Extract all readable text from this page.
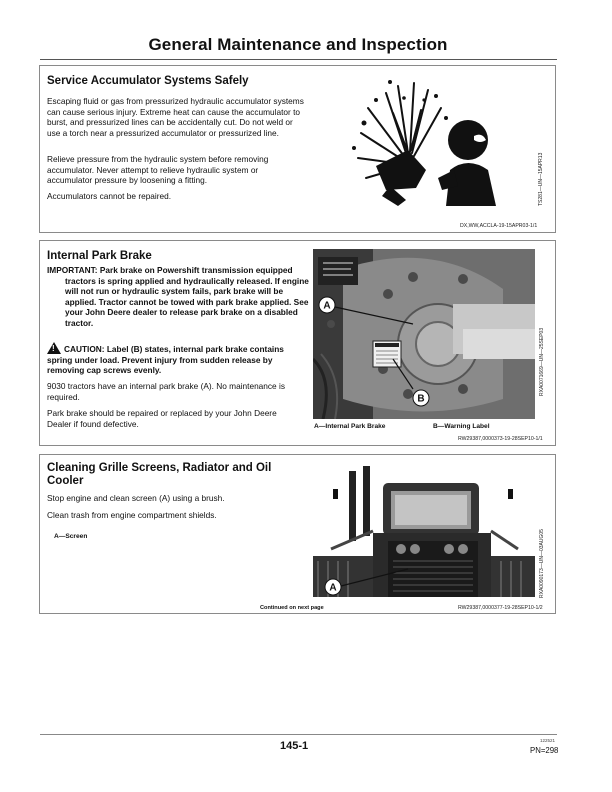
General Maintenance and Inspection
Service Accumulator Systems Safely

Escaping fluid or gas from pressurized hydraulic accumulator systems can cause serious injury. Extreme heat can cause the accumulator to burst, and pressurized lines can be accidentally cut. Do not weld or use a torch near a pressurized accumulator or pressurized line.

Relieve pressure from the hydraulic system before removing accumulator. Never attempt to relieve hydraulic system or accumulator pressure by loosening a fitting.

Accumulators cannot be repaired.	TS281—UN—15APR13
DX,WW,ACCLA-19-15APR03-1/1
Internal Park Brake

IMPORTANT: Park brake on Powershift transmission equipped tractors is spring applied and hydraulically released. If engine will not run or hydraulic system fails, park brake will be applied. Tractor cannot be towed with park brake applied. See your John Deere dealer to release park brake on a disabled tractor.

!CAUTION: Label (B) states, internal park brake contains spring under load. Prevent injury from sudden release by removing cap screws evenly.

9030 tractors have an internal park brake (A). No maintenance is required.

Park brake should be repaired or replaced by your John Deere Dealer if found defective.

A
B
RXA0071669—UN—25SEP03
A—Internal Park Brake	B—Warning Label
RW29387,0000373-19-28SEP10-1/1
Cleaning Grille Screens, Radiator and Oil Cooler

Stop engine and clean screen (A) using a brush.

Clean trash from engine compartment shields.

A—Screen
A	RXA0090173—UN—03AUG05
Continued on next page	RW29387,0000377-19-28SEP10-1/2
145-1	122521
PN=298
